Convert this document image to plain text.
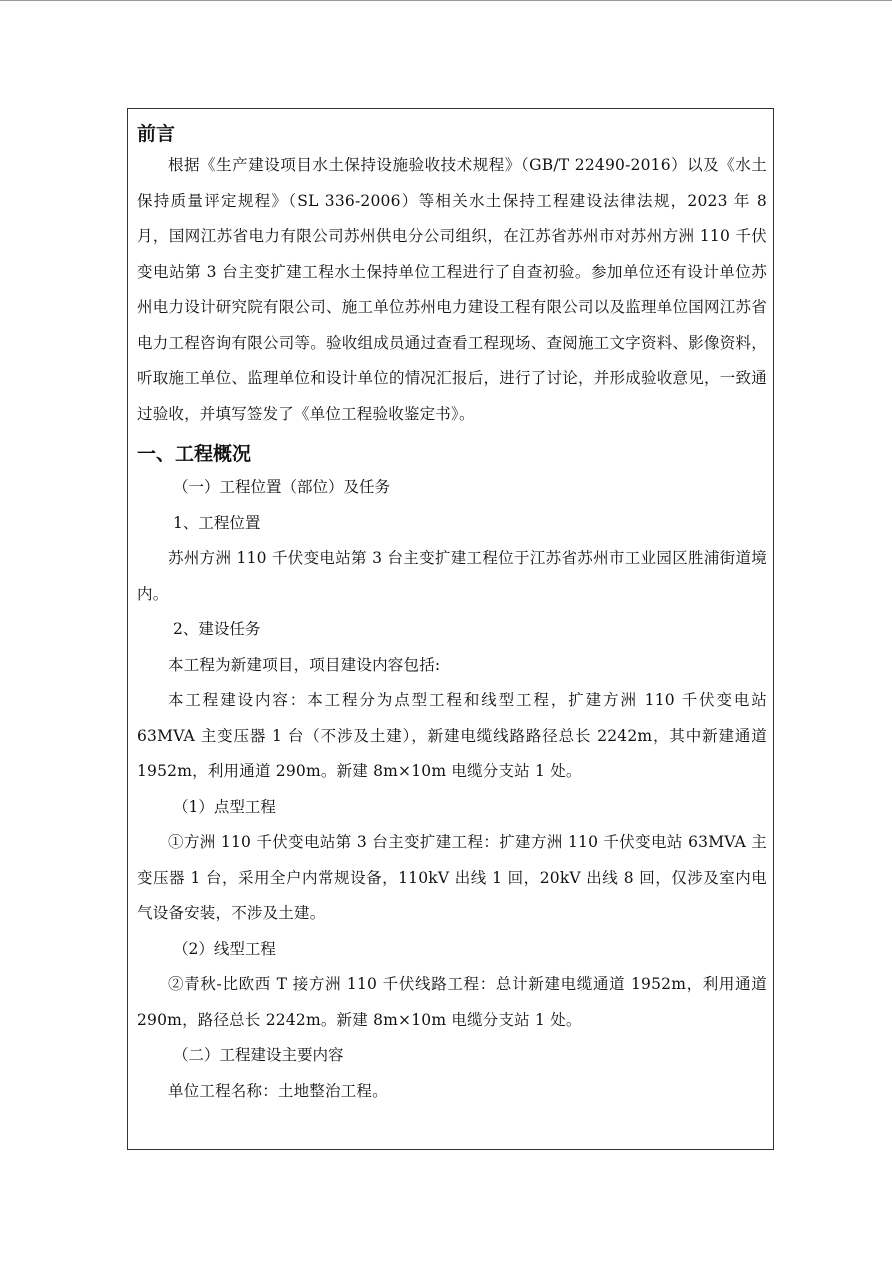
前言

根据《生产建设项目水土保持设施验收技术规程》（GB/T 22490-2016）以及《水土保持质量评定规程》（SL 336-2006）等相关水土保持工程建设法律法规，2023 年 8 月，国网江苏省电力有限公司苏州供电分公司组织，在江苏省苏州市对苏州方洲 110 千伏变电站第 3 台主变扩建工程水土保持单位工程进行了自查初验。参加单位还有设计单位苏州电力设计研究院有限公司、施工单位苏州电力建设工程有限公司以及监理单位国网江苏省电力工程咨询有限公司等。验收组成员通过查看工程现场、查阅施工文字资料、影像资料，听取施工单位、监理单位和设计单位的情况汇报后，进行了讨论，并形成验收意见，一致通过验收，并填写签发了《单位工程验收鉴定书》。

一、工程概况

（一）工程位置（部位）及任务

1、工程位置

苏州方洲 110 千伏变电站第 3 台主变扩建工程位于江苏省苏州市工业园区胜浦街道境内。

2、建设任务

本工程为新建项目，项目建设内容包括:

本工程建设内容：本工程分为点型工程和线型工程，扩建方洲 110 千伏变电站 63MVA 主变压器 1 台（不涉及土建），新建电缆线路路径总长 2242m，其中新建通道 1952m，利用通道 290m。新建 8m×10m 电缆分支站 1 处。

（1）点型工程

①方洲 110 千伏变电站第 3 台主变扩建工程：扩建方洲 110 千伏变电站 63MVA 主变压器 1 台，采用全户内常规设备，110kV 出线 1 回，20kV 出线 8 回，仅涉及室内电气设备安装，不涉及土建。

（2）线型工程

②青秋-比欧西 T 接方洲 110 千伏线路工程：总计新建电缆通道 1952m，利用通道 290m，路径总长 2242m。新建 8m×10m 电缆分支站 1 处。

（二）工程建设主要内容

单位工程名称：土地整治工程。
